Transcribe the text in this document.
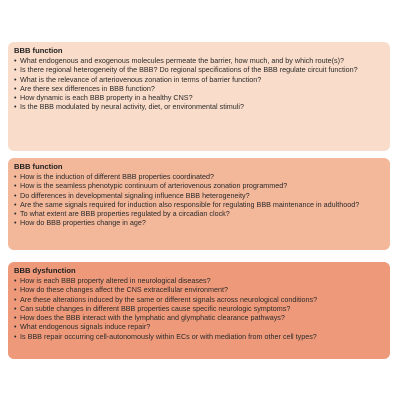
BBB function
• What endogenous and exogenous molecules permeate the barrier, how much, and by which route(s)?
• Is there regional heterogeneity of the BBB? Do regional specifications of the BBB regulate circuit function?
• What is the relevance of arteriovenous zonation in terms of barrier function?
• Are there sex differences in BBB function?
• How dynamic is each BBB property in a healthy CNS?
• Is the BBB modulated by neural activity, diet, or environmental stimuli?
BBB function
• How is the induction of different BBB properties coordinated?
• How is the seamless phenotypic continuum of arteriovenous zonation programmed?
• Do differences in developmental signaling influence BBB heterogeneity?
• Are the same signals required for induction also responsible for regulating BBB maintenance in adulthood?
• To what extent are BBB properties regulated by a circadian clock?
• How do BBB properties change in age?
BBB dysfunction
• How is each BBB property altered in neurological diseases?
• How do these changes affect the CNS extracellular environment?
• Are these alterations induced by the same or different signals across neurological conditions?
• Can subtle changes in different BBB properties cause specific neurologic symptoms?
• How does the BBB interact with the lymphatic and glymphatic clearance pathways?
• What endogenous signals induce repair?
• Is BBB repair occurring cell-autonomously within ECs or with mediation from other cell types?
